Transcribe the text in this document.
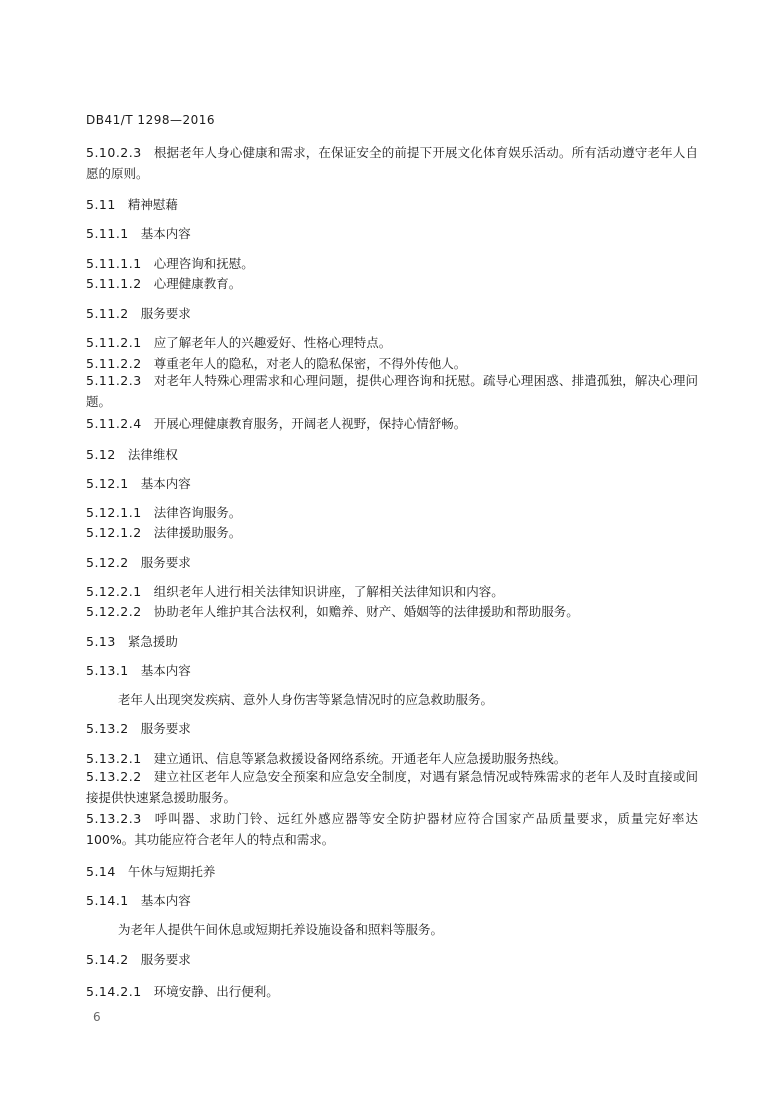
DB41/T 1298—2016
5.10.2.3 根据老年人身心健康和需求，在保证安全的前提下开展文化体育娱乐活动。所有活动遵守老年人自愿的原则。
5.11 精神慰藉
5.11.1 基本内容
5.11.1.1 心理咨询和抚慰。
5.11.1.2 心理健康教育。
5.11.2 服务要求
5.11.2.1 应了解老年人的兴趣爱好、性格心理特点。
5.11.2.2 尊重老年人的隐私，对老人的隐私保密，不得外传他人。
5.11.2.3 对老年人特殊心理需求和心理问题，提供心理咨询和抚慰。疏导心理困惑、排遣孤独，解决心理问题。
5.11.2.4 开展心理健康教育服务，开阔老人视野，保持心情舒畅。
5.12 法律维权
5.12.1 基本内容
5.12.1.1 法律咨询服务。
5.12.1.2 法律援助服务。
5.12.2 服务要求
5.12.2.1 组织老年人进行相关法律知识讲座，了解相关法律知识和内容。
5.12.2.2 协助老年人维护其合法权利，如赡养、财产、婚姻等的法律援助和帮助服务。
5.13 紧急援助
5.13.1 基本内容
老年人出现突发疾病、意外人身伤害等紧急情况时的应急救助服务。
5.13.2 服务要求
5.13.2.1 建立通讯、信息等紧急救援设备网络系统。开通老年人应急援助服务热线。
5.13.2.2 建立社区老年人应急安全预案和应急安全制度，对遇有紧急情况或特殊需求的老年人及时直接或间接提供快速紧急援助服务。
5.13.2.3 呼叫器、求助门铃、远红外感应器等安全防护器材应符合国家产品质量要求，质量完好率达100%。其功能应符合老年人的特点和需求。
5.14 午休与短期托养
5.14.1 基本内容
为老年人提供午间休息或短期托养设施设备和照料等服务。
5.14.2 服务要求
5.14.2.1 环境安静、出行便利。
6
